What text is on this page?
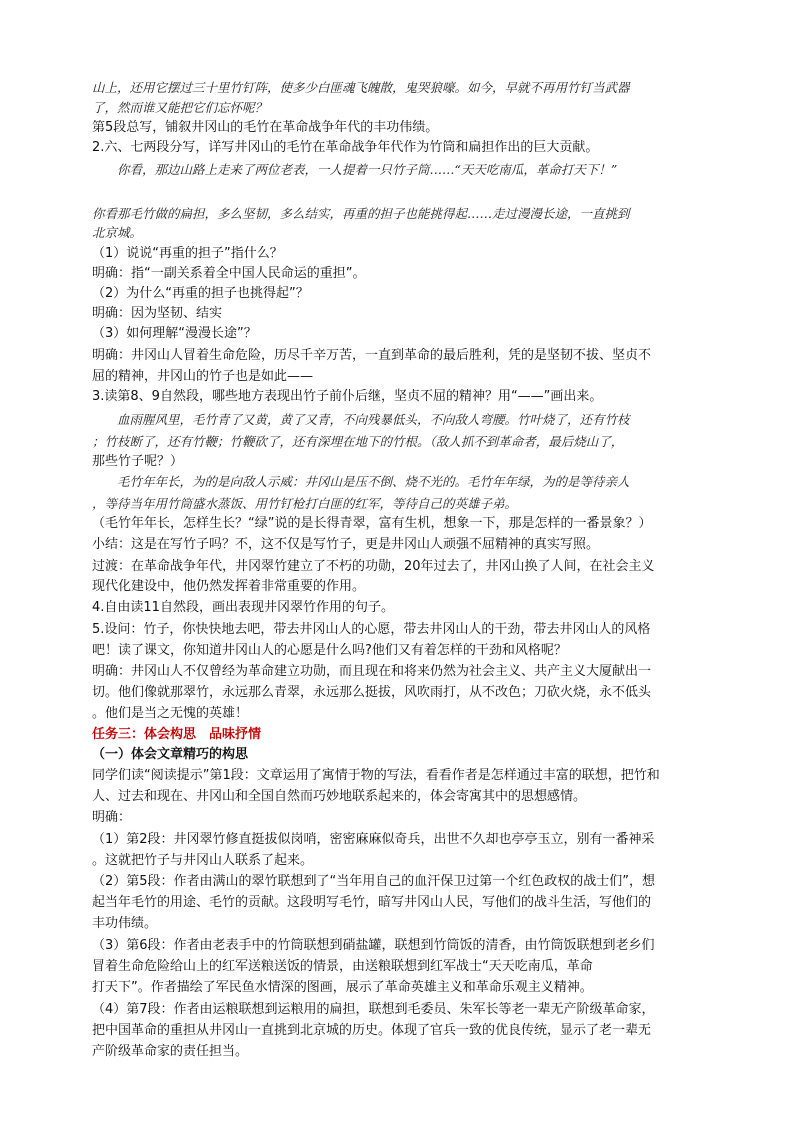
山上，还用它摆过三十里竹钉阵，使多少白匪魂飞魄散，鬼哭狼嚎。如今，早就不再用竹钉当武器
了，然而谁又能把它们忘怀呢？
第5段总写，铺叙井冈山的毛竹在革命战争年代的丰功伟绩。
2.六、七两段分写，详写井冈山的毛竹在革命战争年代作为竹筒和扁担作出的巨大贡献。
　　你看，那边山路上走来了两位老表，一人提着一只竹子筒……“天天吃南瓜，革命打天下！”
你看那毛竹做的扁担，多么坚韧，多么结实，再重的担子也能挑得起……走过漫漫长途，一直挑到
北京城。
（1）说说“再重的担子”指什么？
明确：指“一副关系着全中国人民命运的重担”。
（2）为什么“再重的担子也挑得起”？
明确：因为坚韧、结实
（3）如何理解“漫漫长途”？
明确：井冈山人冒着生命危险，历尽千辛万苦，一直到革命的最后胜利，凭的是坚韧不拔、坚贞不
屈的精神，井冈山的竹子也是如此——
3.读第8、9自然段，哪些地方表现出竹子前仆后继，坚贞不屈的精神？用“——”画出来。
　　血雨腥风里，毛竹青了又黄，黄了又青，不向残暴低头，不向敌人弯腰。竹叶烧了，还有竹枝
；竹枝断了，还有竹鞭；竹鞭砍了，还有深埋在地下的竹根。（敌人抓不到革命者，最后烧山了，
那些竹子呢？）
　　毛竹年年长，为的是向敌人示威：井冈山是压不倒、烧不光的。毛竹年年绿，为的是等待亲人
，等待当年用竹筒盛水蒸饭、用竹钉枪打白匪的红军，等待自己的英雄子弟。
（毛竹年年长，怎样生长？“绿”说的是长得青翠，富有生机，想象一下，那是怎样的一番景象？）
小结：这是在写竹子吗？不，这不仅是写竹子，更是井冈山人顽强不屈精神的真实写照。
过渡：在革命战争年代，井冈翠竹建立了不朽的功勋，20年过去了，井冈山换了人间，在社会主义
现代化建设中，他仍然发挥着非常重要的作用。
4.自由读11自然段，画出表现井冈翠竹作用的句子。
5.设问：竹子，你快快地去吧，带去井冈山人的心愿，带去井冈山人的干劲，带去井冈山人的风格
吧！读了课文，你知道井冈山人的心愿是什么吗?他们又有着怎样的干劲和风格呢？
明确：井冈山人不仅曾经为革命建立功勋，而且现在和将来仍然为社会主义、共产主义大厦献出一
切。他们像就那翠竹，永远那么青翠，永远那么挺拔，风吹雨打，从不改色；刀砍火烧，永不低头
。他们是当之无愧的英雄！
任务三：体会构思　品味抒情
（一）体会文章精巧的构思
同学们读“阅读提示”第1段：文章运用了寓情于物的写法，看看作者是怎样通过丰富的联想，把竹和
人、过去和现在、井冈山和全国自然而巧妙地联系起来的，体会寄寓其中的思想感情。
明确：
（1）第2段：井冈翠竹修直挺拔似岗哨，密密麻麻似奇兵，出世不久却也亭亭玉立，别有一番神采
。这就把竹子与井冈山人联系了起来。
（2）第5段：作者由满山的翠竹联想到了“当年用自己的血汗保卫过第一个红色政权的战士们”，想
起当年毛竹的用途、毛竹的贡献。这段明写毛竹，暗写井冈山人民，写他们的战斗生活，写他们的
丰功伟绩。
（3）第6段：作者由老表手中的竹筒联想到硝盐罐，联想到竹筒饭的清香，由竹筒饭联想到老乡们
冒着生命危险给山上的红军送粮送饭的情景，由送粮联想到红军战士“天天吃南瓜，革命
打天下”。作者描绘了军民鱼水情深的图画，展示了革命英雄主义和革命乐观主义精神。
（4）第7段：作者由运粮联想到运粮用的扁担，联想到毛委员、朱军长等老一辈无产阶级革命家，
把中国革命的重担从井冈山一直挑到北京城的历史。体现了官兵一致的优良传统，显示了老一辈无
产阶级革命家的责任担当。
